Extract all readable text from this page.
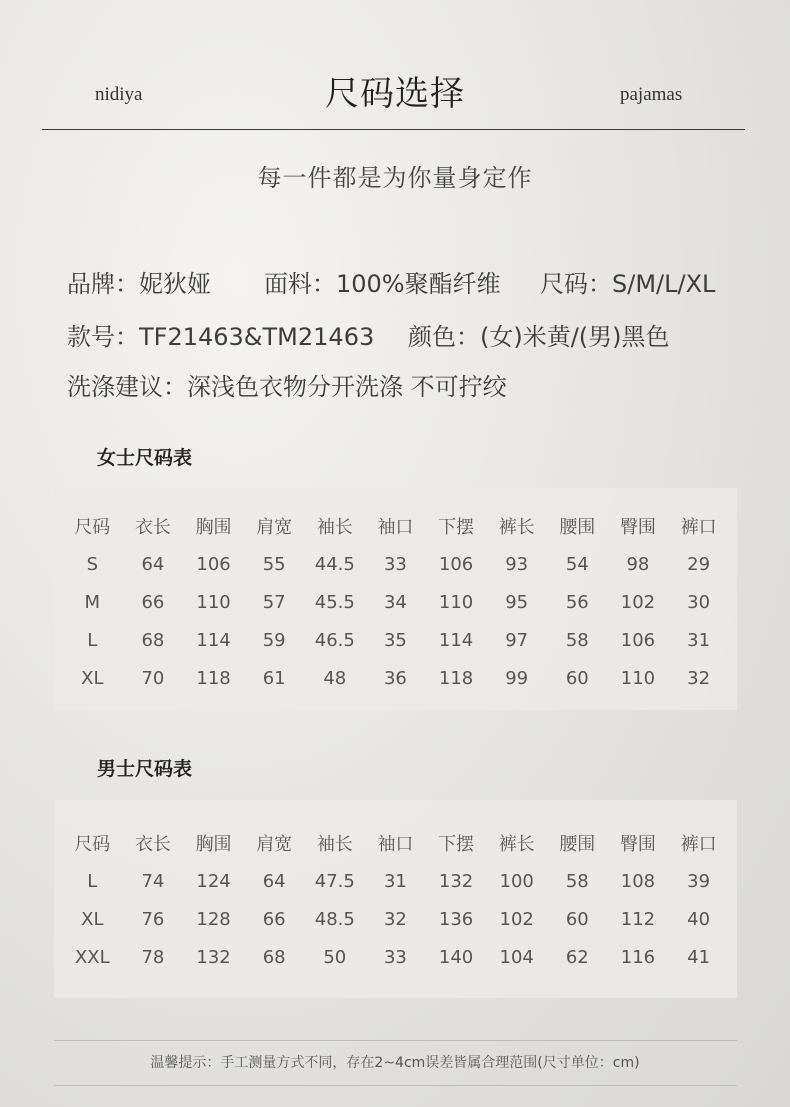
nidiya	尺码选择	pajamas
每一件都是为你量身定作
品牌：妮狄娅 面料：100%聚酯纤维 尺码：S/M/L/XL
款号：TF21463&TM21463 颜色：(女)米黄/(男)黑色
洗涤建议：深浅色衣物分开洗涤 不可拧绞
女士尺码表
尺码	衣长	胸围	肩宽	袖长	袖口	下摆	裤长	腰围	臀围	裤口
S	64	106	55	44.5	33	106	93	54	98	29
M	66	110	57	45.5	34	110	95	56	102	30
L	68	114	59	46.5	35	114	97	58	106	31
XL	70	118	61	48	36	118	99	60	110	32
男士尺码表
尺码	衣长	胸围	肩宽	袖长	袖口	下摆	裤长	腰围	臀围	裤口
L	74	124	64	47.5	31	132	100	58	108	39
XL	76	128	66	48.5	32	136	102	60	112	40
XXL	78	132	68	50	33	140	104	62	116	41
温馨提示：手工测量方式不同，存在2~4cm误差皆属合理范围(尺寸单位：cm)
